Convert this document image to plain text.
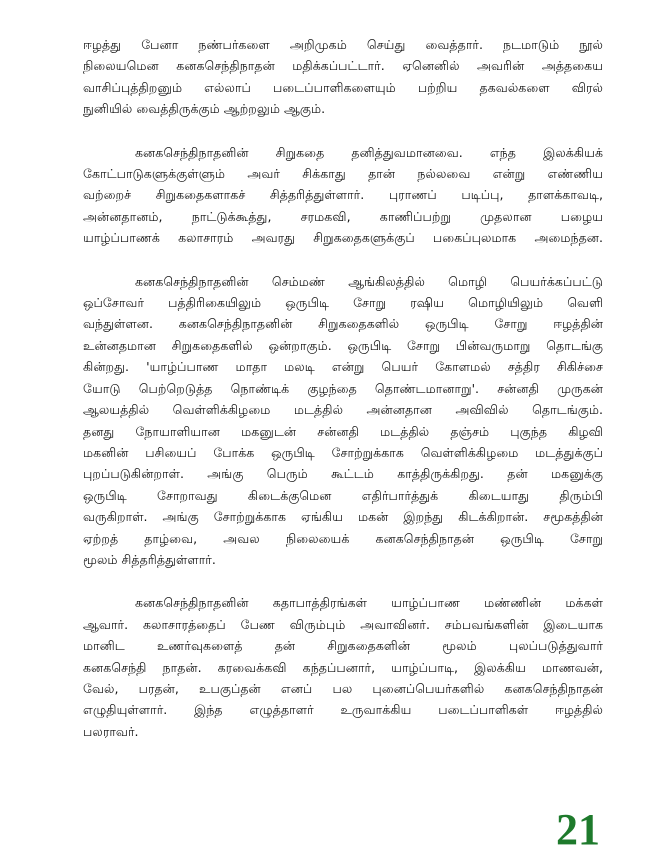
ஈழத்து பேனா நண்பர்களை அறிமுகம் செய்து வைத்தார். நடமாடும் நூல்
நிலையமென கனகசெந்திநாதன் மதிக்கப்பட்டார். ஏனெனில் அவரின் அத்தகைய
வாசிப்புத்திறனும் எல்லாப் படைப்பாளிகளையும் பற்றிய தகவல்களை விரல்
நுனியில் வைத்திருக்கும் ஆற்றலும் ஆகும்.
கனகசெந்திநாதனின் சிறுகதை தனித்துவமானவை. எந்த இலக்கியக்
கோட்பாடுகளுக்குள்ளும் அவர் சிக்காது தான் நல்லவை என்று எண்ணிய
வற்றைச் சிறுகதைகளாகச் சித்தரித்துள்ளார். புராணப் படிப்பு, தாளக்காவடி,
அன்னதானம், நாட்டுக்கூத்து, சரமகவி, காணிப்பற்று முதலான பழைய
யாழ்ப்பாணக் கலாசாரம் அவரது சிறுகதைகளுக்குப் பகைப்புலமாக அமைந்தன.
கனகசெந்திநாதனின் செம்மண் ஆங்கிலத்தில் மொழி பெயர்க்கப்பட்டு
ஒப்சோவர் பத்திரிகையிலும் ஒருபிடி சோறு ரஷிய மொழியிலும் வெளி
வந்துள்ளன. கனகசெந்திநாதனின் சிறுகதைகளில் ஒருபிடி சோறு ஈழத்தின்
உன்னதமான சிறுகதைகளில் ஒன்றாகும். ஒருபிடி சோறு பின்வருமாறு தொடங்கு
கின்றது. 'யாழ்ப்பாண மாதா மலடி என்று பெயர் கோளமல் சத்திர சிகிச்சை
யோடு பெற்றெடுத்த நொண்டிக் குழந்தை தொண்டமானாறு'. சன்னதி முருகன்
ஆலயத்தில் வெள்ளிக்கிழமை மடத்தில் அன்னதான அவிவில் தொடங்கும்.
தனது நோயாளியான மகனுடன் சன்னதி மடத்தில் தஞ்சம் புகுந்த கிழவி
மகனின் பசியைப் போக்க ஒருபிடி சோற்றுக்காக வெள்ளிக்கிழமை மடத்துக்குப்
புறப்படுகின்றாள். அங்கு பெரும் கூட்டம் காத்திருக்கிறது. தன் மகனுக்கு
ஒருபிடி சோறாவது கிடைக்குமென எதிர்பார்த்துக் கிடையாது திரும்பி
வருகிறாள். அங்கு சோற்றுக்காக ஏங்கிய மகன் இறந்து கிடக்கிறான். சமூகத்தின்
ஏற்றத் தாழ்வை, அவல நிலையைக் கனகசெந்திநாதன் ஒருபிடி சோறு
மூலம் சித்தரித்துள்ளார்.
கனகசெந்திநாதனின் கதாபாத்திரங்கள் யாழ்ப்பாண மண்ணின் மக்கள்
ஆவார். கலாசாரத்தைப் பேண விரும்பும் அவாவினர். சம்பவங்களின் இடையாக
மானிட உணர்வுகளைத் தன் சிறுகதைகளின் மூலம் புலப்படுத்துவார்
கனகசெந்தி நாதன். கரவைக்கவி கந்தப்பனார், யாழ்ப்பாடி, இலக்கிய மாணவன்,
வேல், பரதன், உபகுப்தன் எனப் பல புனைப்பெயர்களில் கனகசெந்திநாதன்
எழுதியுள்ளார். இந்த எழுத்தாளர் உருவாக்கிய படைப்பாளிகள் ஈழத்தில்
பலராவர்.
21
